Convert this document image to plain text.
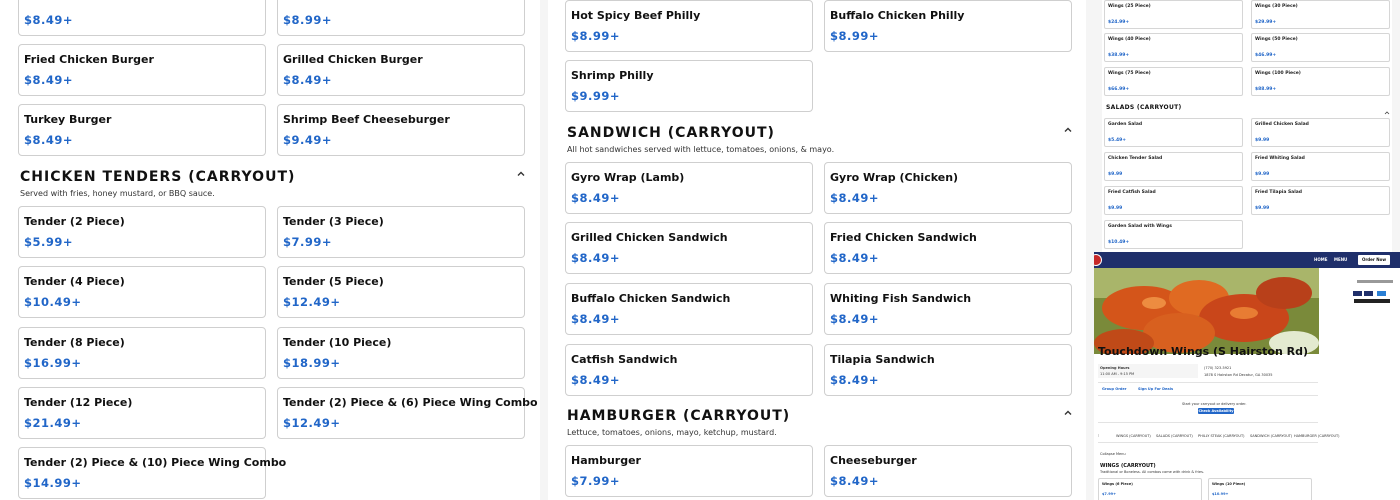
$8.49+	$8.99+
Fried Chicken Burger
$8.49+
Grilled Chicken Burger
$8.49+
Turkey Burger
$8.49+
Shrimp Beef Cheeseburger
$9.49+
CHICKEN TENDERS (CARRYOUT)
Served with fries, honey mustard, or BBQ sauce.
Tender (2 Piece)
$5.99+
Tender (3 Piece)
$7.99+
Tender (4 Piece)
$10.49+
Tender (5 Piece)
$12.49+
Tender (8 Piece)
$16.99+
Tender (10 Piece)
$18.99+
Tender (12 Piece)
$21.49+
Tender (2) Piece & (6) Piece Wing Combo
$12.49+
Tender (2) Piece & (10) Piece Wing Combo
$14.99+
Hot Spicy Beef Philly
$8.99+
Buffalo Chicken Philly
$8.99+
Shrimp Philly
$9.99+
SANDWICH (CARRYOUT)
All hot sandwiches served with lettuce, tomatoes, onions, & mayo.
Gyro Wrap (Lamb)
$8.49+
Gyro Wrap (Chicken)
$8.49+
Grilled Chicken Sandwich
$8.49+
Fried Chicken Sandwich
$8.49+
Buffalo Chicken Sandwich
$8.49+
Whiting Fish Sandwich
$8.49+
Catfish Sandwich
$8.49+
Tilapia Sandwich
$8.49+
HAMBURGER (CARRYOUT)
Lettuce, tomatoes, onions, mayo, ketchup, mustard.
Hamburger
$7.99+
Cheeseburger
$8.49+
Wings (25 Piece)
$24.99+
Wings (30 Piece)
$29.99+
Wings (40 Piece)
$38.99+
Wings (50 Piece)
$46.99+
Wings (75 Piece)
$66.99+
Wings (100 Piece)
$88.99+
SALADS (CARRYOUT)
Garden Salad
$5.49+
Grilled Chicken Salad
$9.99
Chicken Tender Salad
$9.99
Fried Whiting Salad
$9.99
Fried Catfish Salad
$9.99
Fried Tilapia Salad
$9.99
Garden Salad with Wings
$10.49+
HOME MENU	Order Now
Touchdown Wings (S Hairston Rd)
Opening Hours
11:00 AM - 9:15 PM
(770) 323-5921
1878 S Hairston Rd Decatur, GA 30035
Group Order	Sign Up For Deals
Start your carryout or delivery order.
Check Availability
⁝	WINGS (CARRYOUT) SALADS (CARRYOUT) PHILLY STEAK (CARRYOUT) SANDWICH (CARRYOUT) HAMBURGER (CARRYOUT)
Collapse Menu
WINGS (CARRYOUT)
Traditional or Boneless. All combos come with drink & fries.
Wings (6 Piece)
$7.99+
Wings (10 Piece)
$10.99+
